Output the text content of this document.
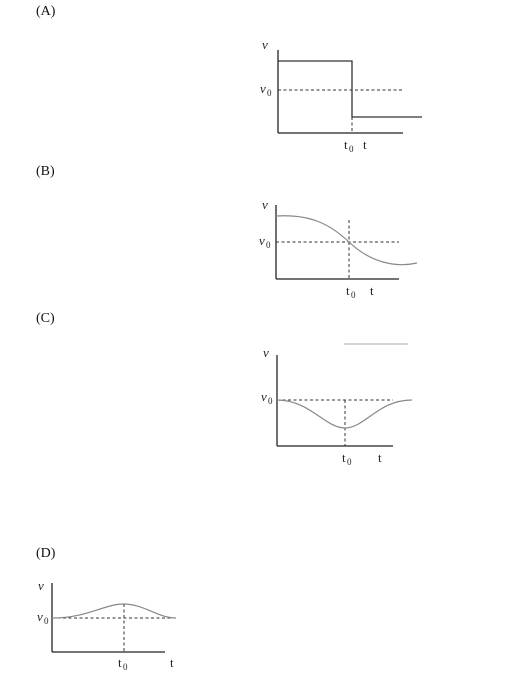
(A)
(B)
(C)
(D)
v
v 0
t 0 t
v
v 0
t 0 t
v
v 0
t 0 t
v
v 0
t 0	t
